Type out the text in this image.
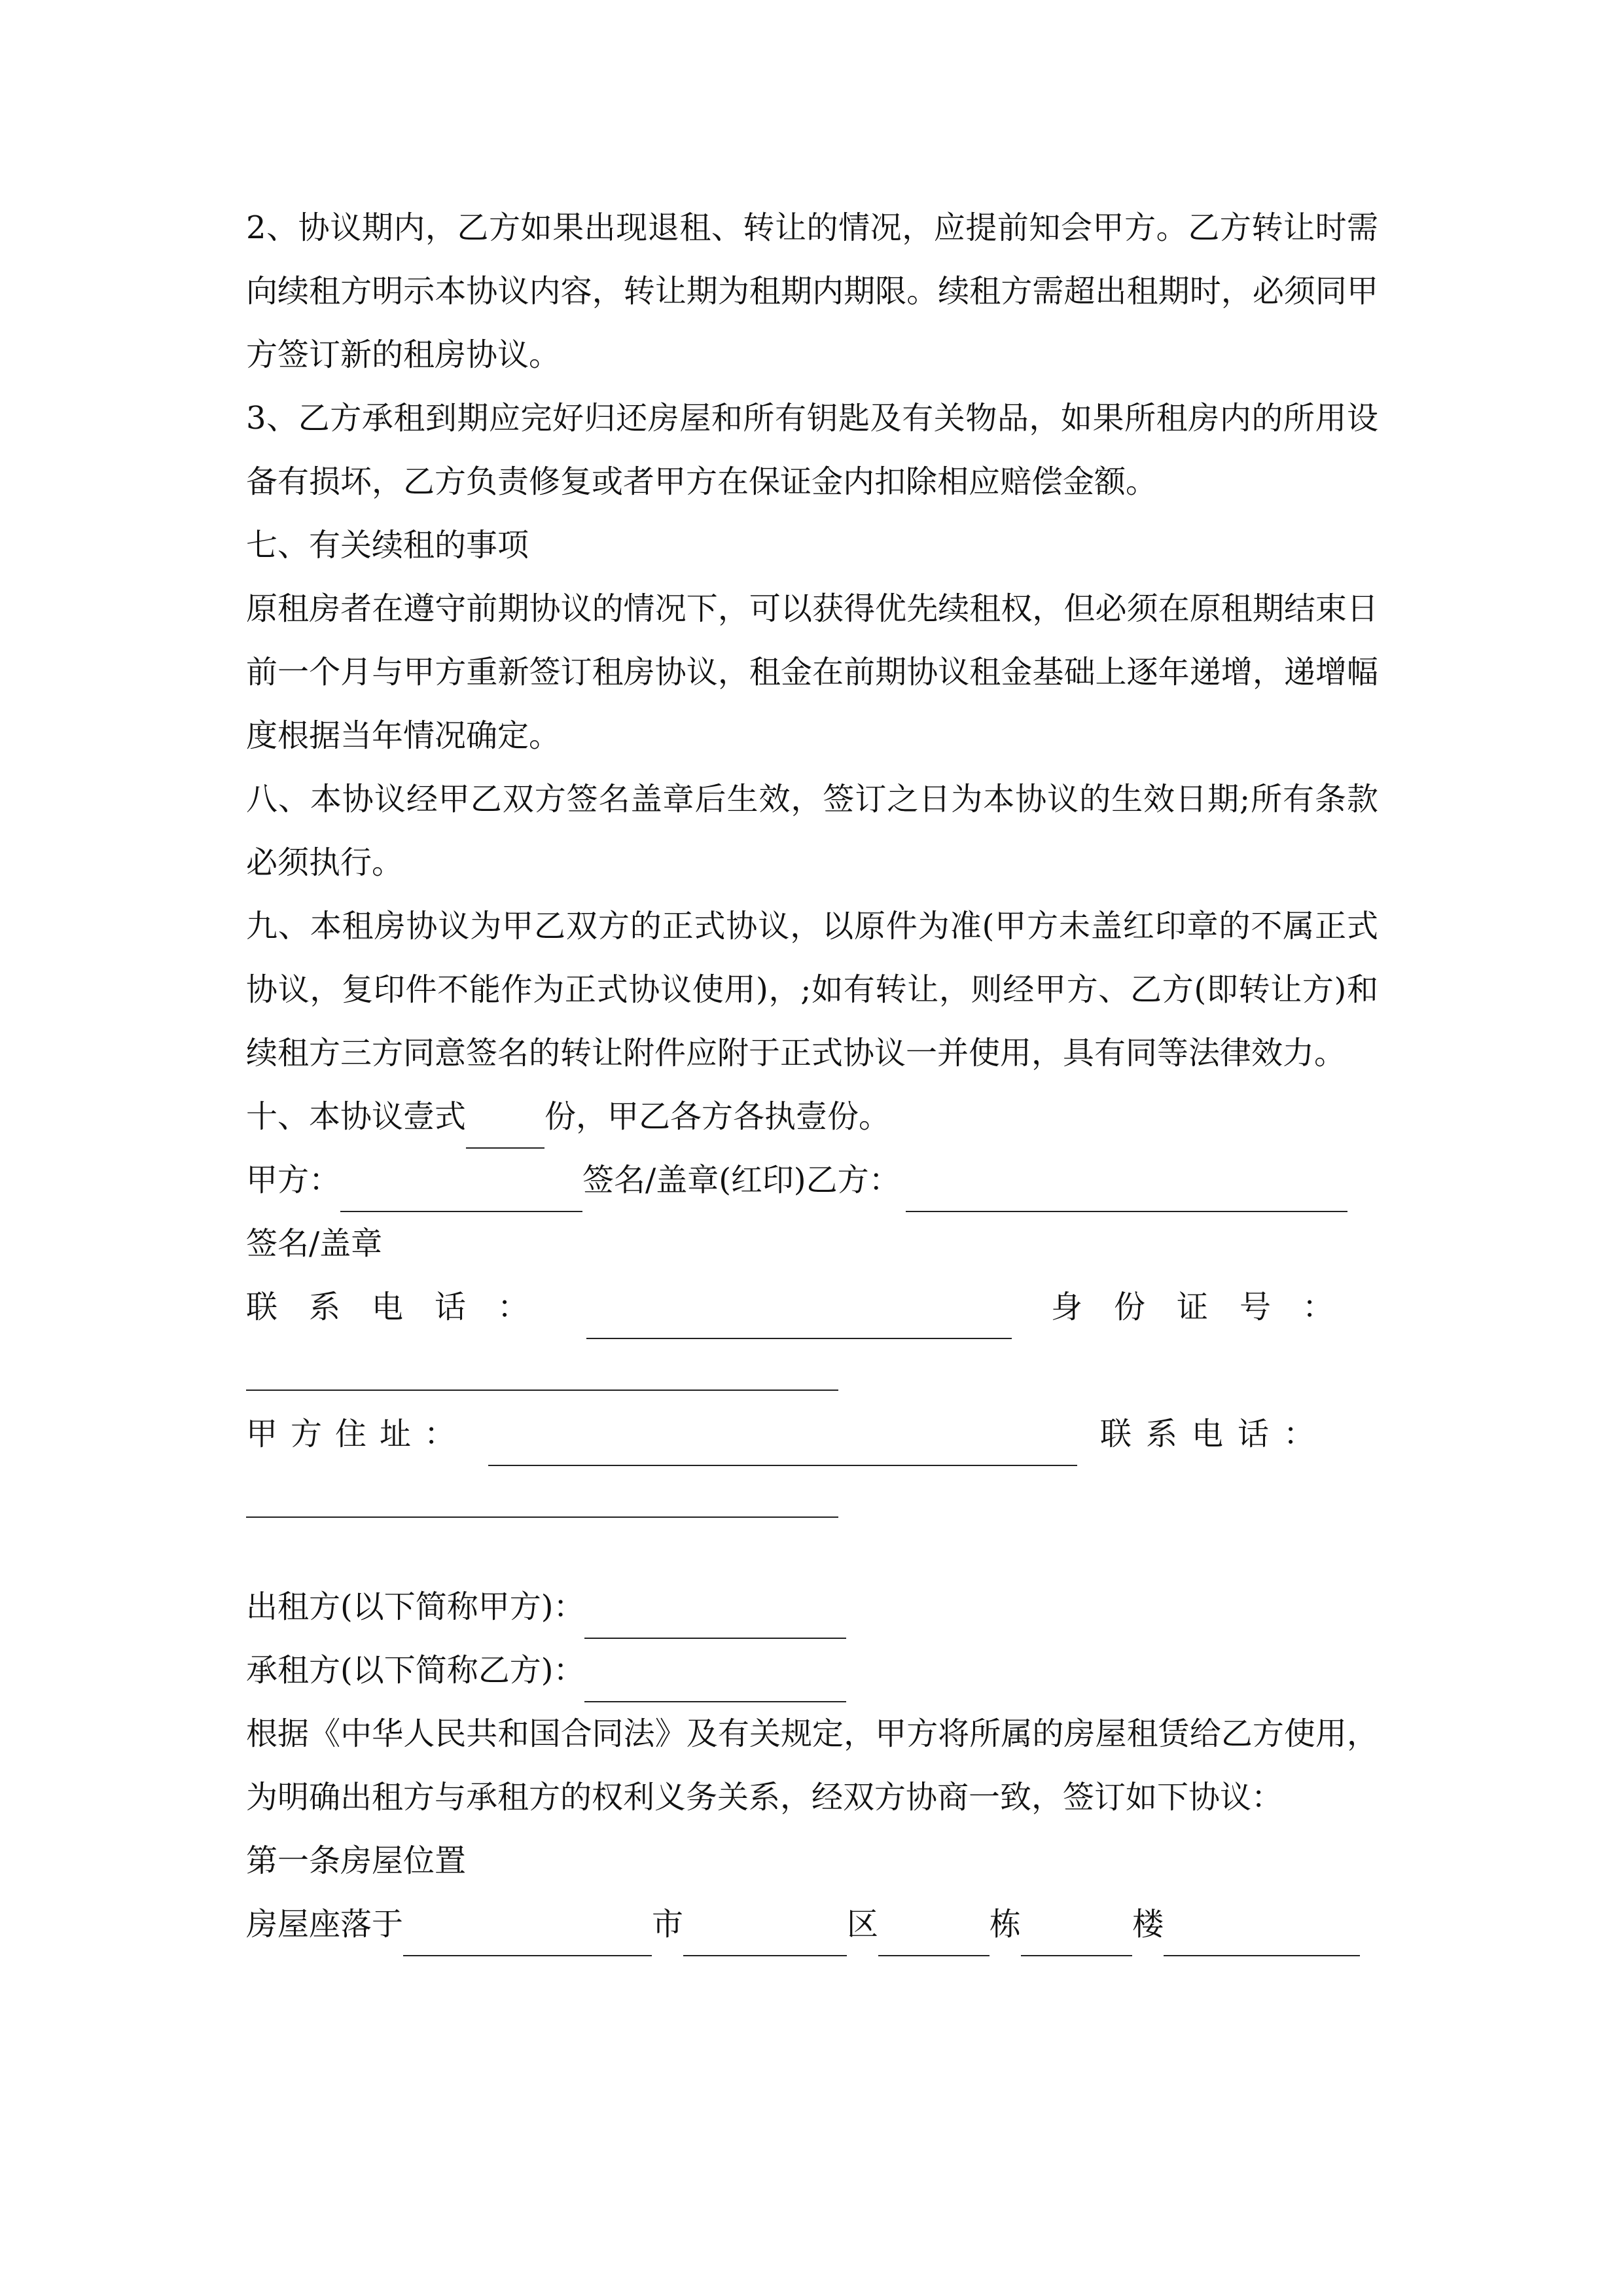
2、协议期内，乙方如果出现退租、转让的情况，应提前知会甲方。乙方转让时需向续租方明示本协议内容，转让期为租期内期限。续租方需超出租期时，必须同甲方签订新的租房协议。

3、乙方承租到期应完好归还房屋和所有钥匙及有关物品，如果所租房内的所用设备有损坏，乙方负责修复或者甲方在保证金内扣除相应赔偿金额。

七、有关续租的事项

原租房者在遵守前期协议的情况下，可以获得优先续租权，但必须在原租期结束日前一个月与甲方重新签订租房协议，租金在前期协议租金基础上逐年递增，递增幅度根据当年情况确定。

八、本协议经甲乙双方签名盖章后生效，签订之日为本协议的生效日期;所有条款必须执行。

九、本租房协议为甲乙双方的正式协议，以原件为准(甲方未盖红印章的不属正式协议，复印件不能作为正式协议使用)，;如有转让，则经甲方、乙方(即转让方)和续租方三方同意签名的转让附件应附于正式协议一并使用，具有同等法律效力。

十、本协议壹式	份，甲乙各方各执壹份。
甲方：	签名/盖章(红印)乙方：
签名/盖章
联系电话：	身份证号：
甲方住址：	联系电话：
出租方(以下简称甲方)：
承租方(以下简称乙方)：

根据《中华人民共和国合同法》及有关规定，甲方将所属的房屋租赁给乙方使用，为明确出租方与承租方的权利义务关系，经双方协商一致，签订如下协议：

第一条房屋位置

房屋座落于	市	区	栋	楼
